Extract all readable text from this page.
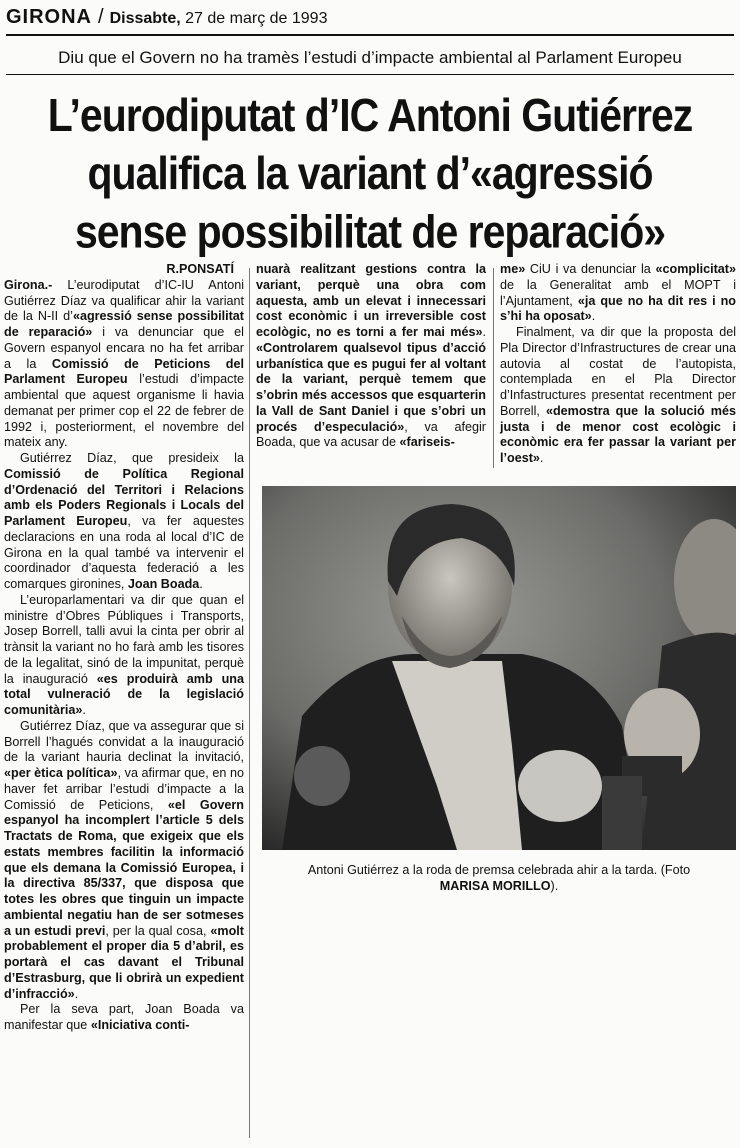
GIRONA / Dissabte, 27 de març de 1993
Diu que el Govern no ha tramès l’estudi d’impacte ambiental al Parlament Europeu
L’eurodiputat d’IC Antoni Gutiérrez
qualifica la variant d’«agressió
sense possibilitat de reparació»
R.PONSATÍ

Girona.- L’eurodiputat d’IC-IU Antoni Gutiérrez Díaz va qualificar ahir la variant de la N-II d’«agressió sense possibilitat de reparació» i va denunciar que el Govern espanyol encara no ha fet arribar a la Comissió de Peticions del Parlament Europeu l’estudi d’impacte ambiental que aquest organisme li havia demanat per primer cop el 22 de febrer de 1992 i, posteriorment, el novembre del mateix any.

Gutiérrez Díaz, que presideix la Comissió de Política Regional d’Ordenació del Territori i Relacions amb els Poders Regionals i Locals del Parlament Europeu, va fer aquestes declaracions en una roda al local d’IC de Girona en la qual també va intervenir el coordinador d’aquesta federació a les comarques gironines, Joan Boada.

L’europarlamentari va dir que quan el ministre d’Obres Públiques i Transports, Josep Borrell, talli avui la cinta per obrir al trànsit la variant no ho farà amb les tisores de la legalitat, sinó de la impunitat, perquè la inauguració «es produirà amb una total vulneració de la legislació comunitària».

Gutiérrez Díaz, que va assegurar que si Borrell l’hagués convidat a la inauguració de la variant hauria declinat la invitació, «per ètica política», va afirmar que, en no haver fet arribar l’estudi d’impacte a la Comissió de Peticions, «el Govern espanyol ha incomplert l’article 5 dels Tractats de Roma, que exigeix que els estats membres facilitin la informació que els demana la Comissió Europea, i la directiva 85/337, que disposa que totes les obres que tinguin un impacte ambiental negatiu han de ser sotmeses a un estudi previ, per la qual cosa, «molt probablement el proper dia 5 d’abril, es portarà el cas davant el Tribunal d’Estrasburg, que li obrirà un expedient d’infracció».

Per la seva part, Joan Boada va manifestar que «Iniciativa conti-

nuarà realitzant gestions contra la variant, perquè una obra com aquesta, amb un elevat i innecessari cost econòmic i un irreversible cost ecològic, no es torni a fer mai més». «Controlarem qualsevol tipus d’acció urbanística que es pugui fer al voltant de la variant, perquè temem que s’obrin més accessos que esquarterin la Vall de Sant Daniel i que s’obri un procés d’especulació», va afegir Boada, que va acusar de «fariseis-

me» CiU i va denunciar la «complicitat» de la Generalitat amb el MOPT i l’Ajuntament, «ja que no ha dit res i no s’hi ha oposat».

Finalment, va dir que la proposta del Pla Director d’Infrastructures de crear una autovia al costat de l’autopista, contemplada en el Pla Director d’Infastructures presentat recentment per Borrell, «demostra que la solució més justa i de menor cost ecològic i econòmic era fer passar la variant per l’oest».

Antoni Gutiérrez a la roda de premsa celebrada ahir a la tarda. (Foto
MARISA MORILLO).
